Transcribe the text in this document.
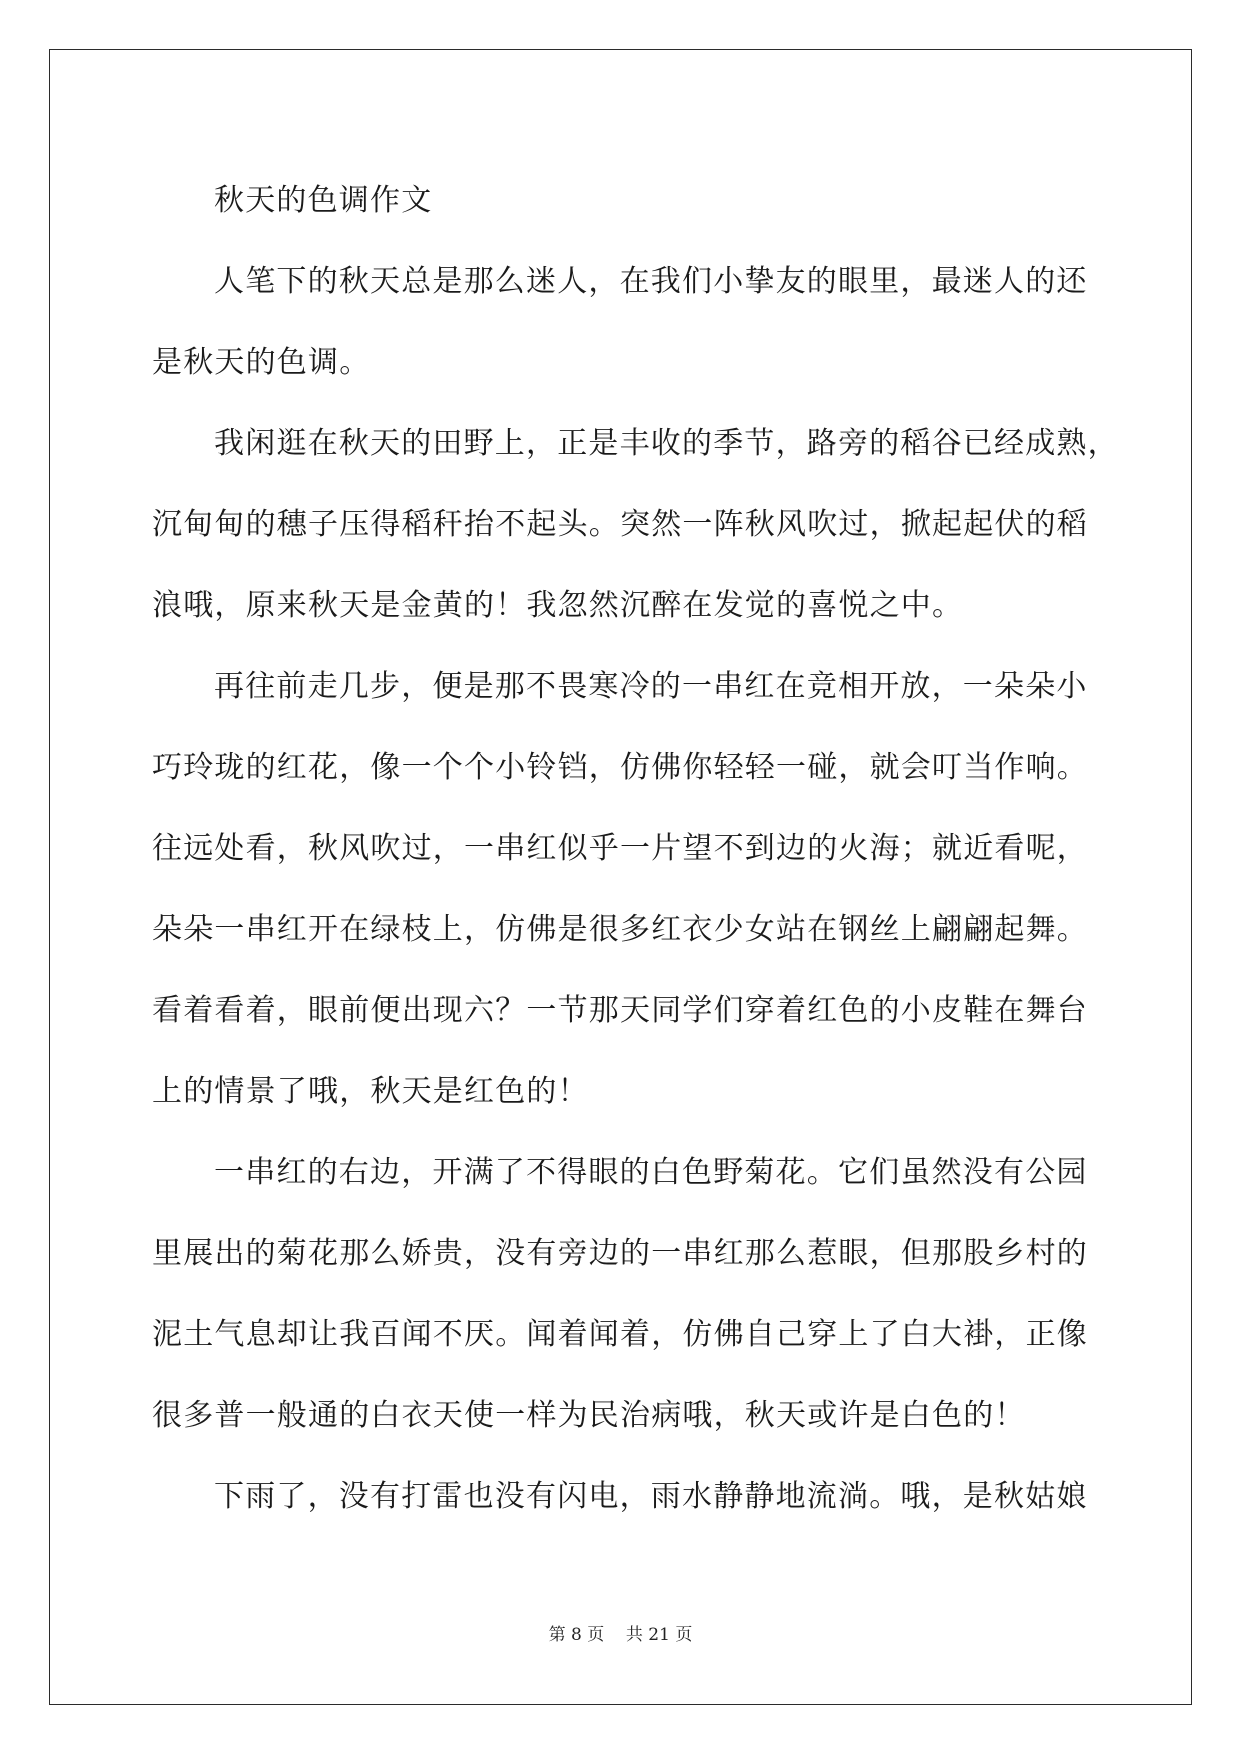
秋天的色调作文
人笔下的秋天总是那么迷人，在我们小挚友的眼里，最迷人的还
是秋天的色调。
我闲逛在秋天的田野上，正是丰收的季节，路旁的稻谷已经成熟，
沉甸甸的穗子压得稻秆抬不起头。突然一阵秋风吹过，掀起起伏的稻
浪哦，原来秋天是金黄的！我忽然沉醉在发觉的喜悦之中。
再往前走几步，便是那不畏寒冷的一串红在竞相开放，一朵朵小
巧玲珑的红花，像一个个小铃铛，仿佛你轻轻一碰，就会叮当作响。
往远处看，秋风吹过，一串红似乎一片望不到边的火海；就近看呢，
朵朵一串红开在绿枝上，仿佛是很多红衣少女站在钢丝上翩翩起舞。
看着看着，眼前便出现六？一节那天同学们穿着红色的小皮鞋在舞台
上的情景了哦，秋天是红色的！
一串红的右边，开满了不得眼的白色野菊花。它们虽然没有公园
里展出的菊花那么娇贵，没有旁边的一串红那么惹眼，但那股乡村的
泥土气息却让我百闻不厌。闻着闻着，仿佛自己穿上了白大褂，正像
很多普一般通的白衣天使一样为民治病哦，秋天或许是白色的！
下雨了，没有打雷也没有闪电，雨水静静地流淌。哦，是秋姑娘
第 8 页    共 21 页
